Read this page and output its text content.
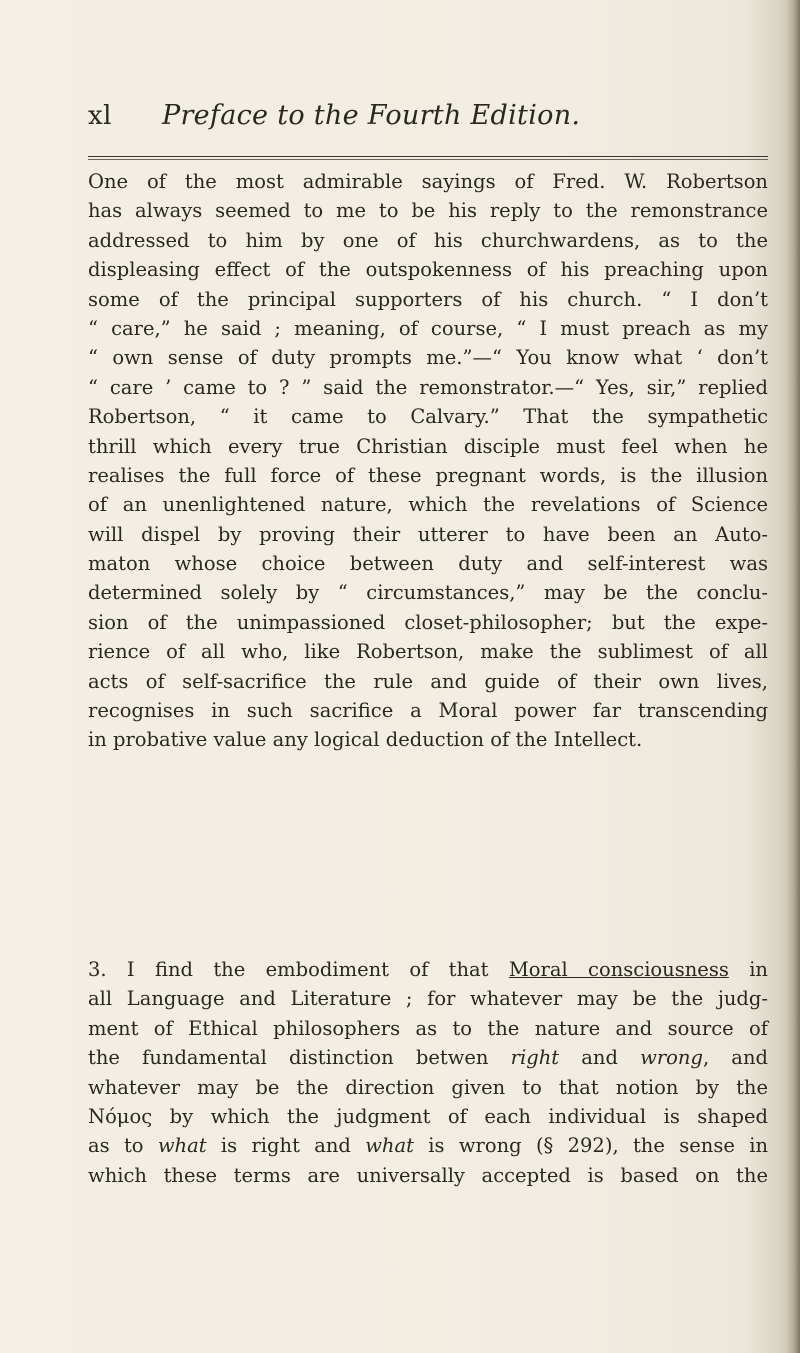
xl Preface to the Fourth Edition.
One of the most admirable sayings of Fred. W. Robertson
has always seemed to me to be his reply to the remonstrance
addressed to him by one of his churchwardens, as to the
displeasing effect of the outspokenness of his preaching upon
some of the principal supporters of his church. “ I don’t
“ care,” he said ; meaning, of course, “ I must preach as my
“ own sense of duty prompts me.”—“ You know what ‘ don’t
“ care ’ came to ? ” said the remonstrator.—“ Yes, sir,” replied
Robertson, “ it came to Calvary.” That the sympathetic
thrill which every true Christian disciple must feel when he
realises the full force of these pregnant words, is the illusion
of an unenlightened nature, which the revelations of Science
will dispel by proving their utterer to have been an Auto-
maton whose choice between duty and self-interest was
determined solely by “ circumstances,” may be the conclu-
sion of the unimpassioned closet-philosopher; but the expe-
rience of all who, like Robertson, make the sublimest of all
acts of self-sacrifice the rule and guide of their own lives,
recognises in such sacrifice a Moral power far transcending
in probative value any logical deduction of the Intellect.
3. I find the embodiment of that Moral consciousness in
all Language and Literature ; for whatever may be the judg-
ment of Ethical philosophers as to the nature and source of
the fundamental distinction betwen right and wrong, and
whatever may be the direction given to that notion by the
Νόμος by which the judgment of each individual is shaped
as to what is right and what is wrong (§ 292), the sense in
which these terms are universally accepted is based on the
